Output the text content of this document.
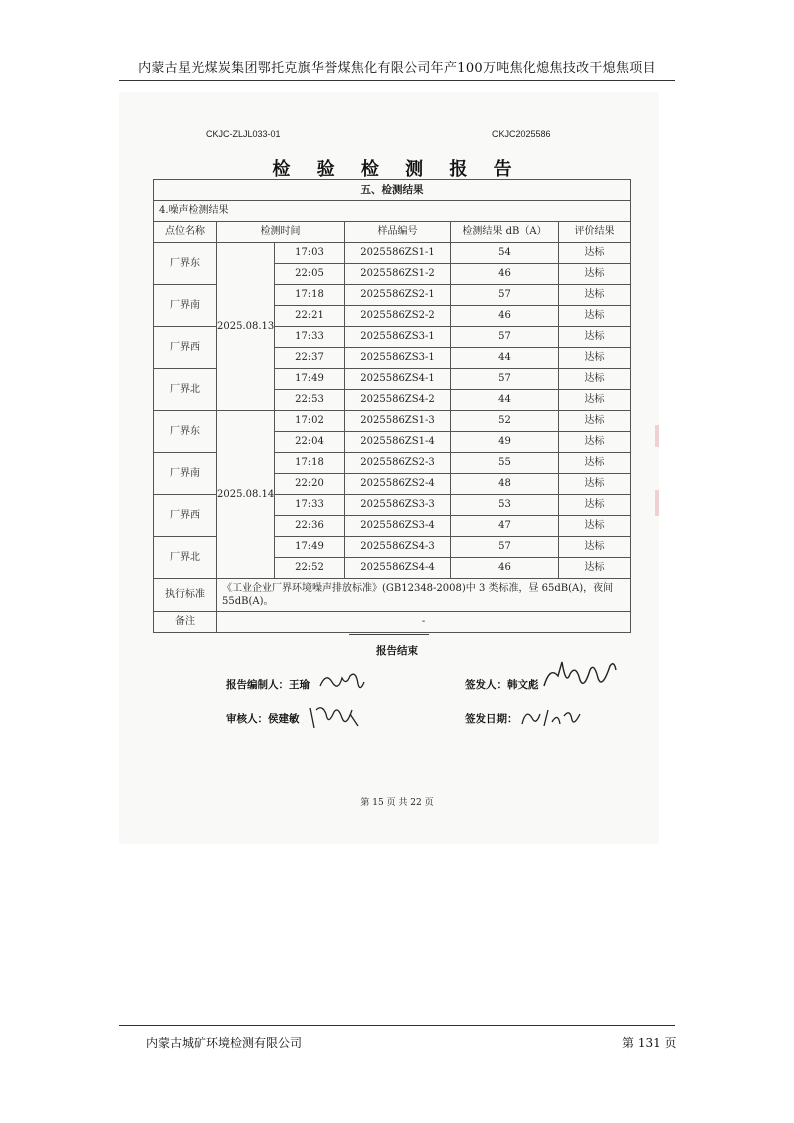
内蒙古星光煤炭集团鄂托克旗华誉煤焦化有限公司年产100万吨焦化熄焦技改干熄焦项目
CKJC-ZLJL033-01	CKJC2025586
检 验 检 测 报 告
五、检测结果					
4.噪声检测结果					
点位名称	检测时间		样品编号	检测结果 dB（A）	评价结果
厂界东	2025.08.13	17:03	2025586ZS1-1	54	达标
		22:05	2025586ZS1-2	46	达标
厂界南		17:18	2025586ZS2-1	57	达标
		22:21	2025586ZS2-2	46	达标
厂界西		17:33	2025586ZS3-1	57	达标
		22:37	2025586ZS3-1	44	达标
厂界北		17:49	2025586ZS4-1	57	达标
		22:53	2025586ZS4-2	44	达标
厂界东	2025.08.14	17:02	2025586ZS1-3	52	达标
		22:04	2025586ZS1-4	49	达标
厂界南		17:18	2025586ZS2-3	55	达标
		22:20	2025586ZS2-4	48	达标
厂界西		17:33	2025586ZS3-3	53	达标
		22:36	2025586ZS3-4	47	达标
厂界北		17:49	2025586ZS4-3	57	达标
		22:52	2025586ZS4-4	46	达标
执行标准	《工业企业厂界环境噪声排放标准》(GB12348-2008)中 3 类标准，昼 65dB(A)，夜间 55dB(A)。				
备注	-				
报告结束
报告编制人：王瑜	签发人：韩文彪
审核人：侯建敏	签发日期：
第 15 页 共 22 页
内蒙古城矿环境检测有限公司	第 131 页
